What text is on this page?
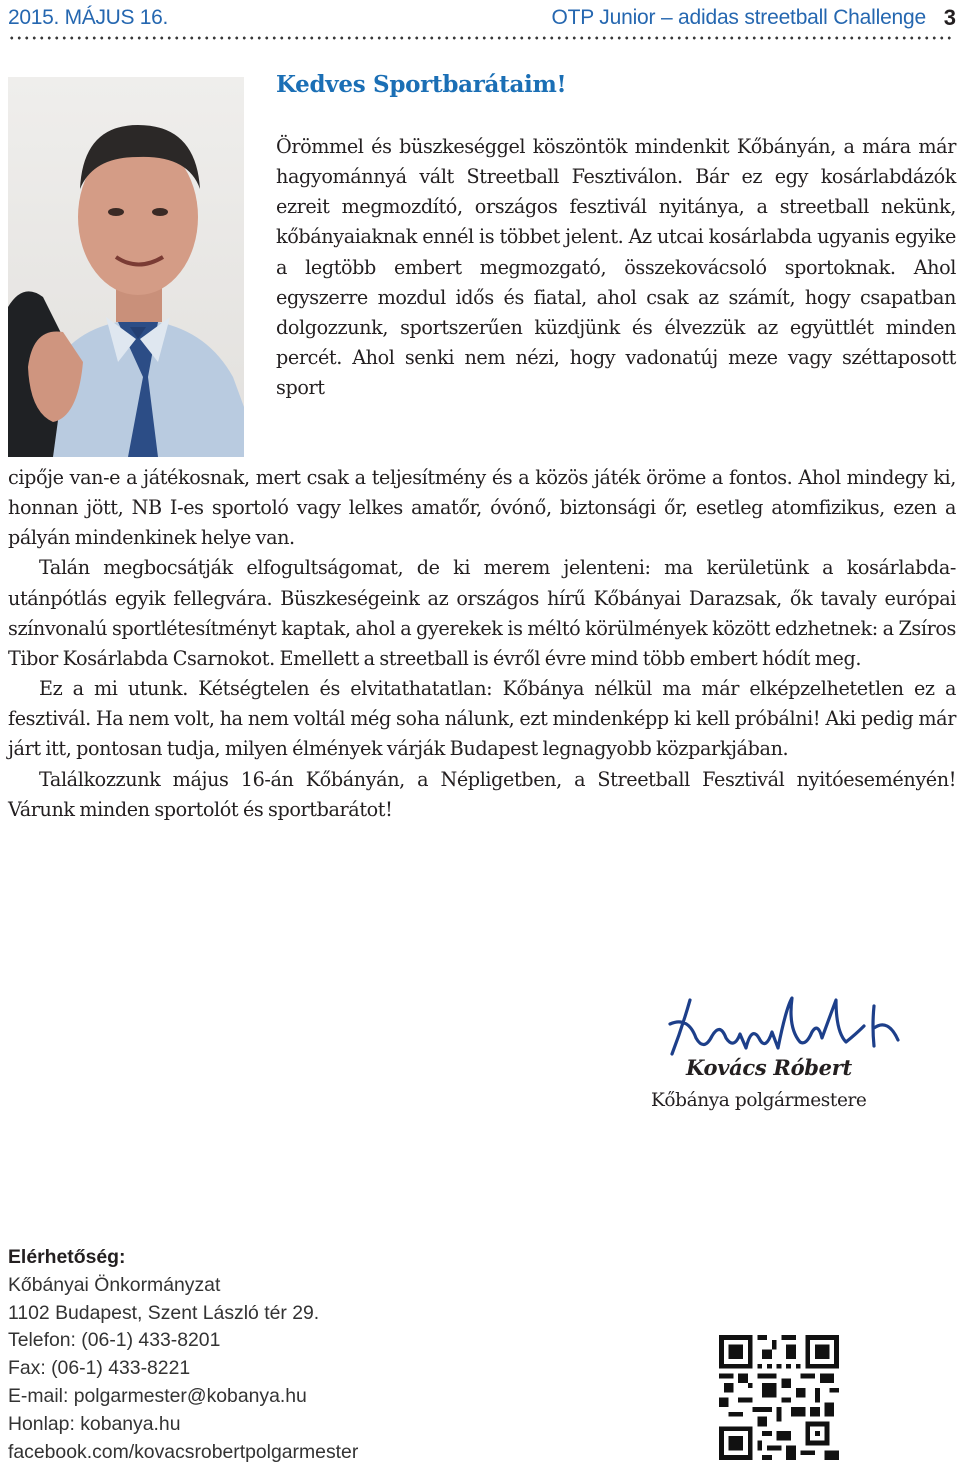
2015. MÁJUS 16.	OTP Junior – adidas streetball Challenge 3
Kedves Sportbarátaim!

Örömmel és büszkeséggel köszöntök mindenkit Kőbányán, a mára már hagyománnyá vált Streetball Fesztiválon. Bár ez egy kosárlabdázók ezreit megmozdító, országos fesztivál nyitánya, a streetball nekünk, kőbányaiaknak ennél is többet jelent. Az utcai kosárlabda ugyanis egyike a legtöbb embert megmozgató, összekovácsoló sportoknak. Ahol egyszerre mozdul idős és fiatal, ahol csak az számít, hogy csapatban dolgozzunk, sportszerűen küzdjünk és élvezzük az együttlét minden percét. Ahol senki nem nézi, hogy vadonatúj meze vagy széttaposott sport

cipője van-e a játékosnak, mert csak a teljesítmény és a közös játék öröme a fontos. Ahol mindegy ki, honnan jött, NB I-es sportoló vagy lelkes amatőr, óvónő, biztonsági őr, esetleg atomfizikus, ezen a pályán mindenkinek helye van.

Talán megbocsátják elfogultságomat, de ki merem jelenteni: ma kerületünk a kosárlabda-utánpótlás egyik fellegvára. Büszkeségeink az országos hírű Kőbányai Darazsak, ők tavaly európai színvonalú sportlétesítményt kaptak, ahol a gyerekek is méltó körülmények között edzhetnek: a Zsíros Tibor Kosárlabda Csarnokot. Emellett a streetball is évről évre mind több embert hódít meg.

Ez a mi utunk. Kétségtelen és elvitathatatlan: Kőbánya nélkül ma már elképzelhetetlen ez a fesztivál. Ha nem volt, ha nem voltál még soha nálunk, ezt mindenképp ki kell próbálni! Aki pedig már járt itt, pontosan tudja, milyen élmények várják Budapest legnagyobb közparkjában.

Találkozzunk május 16-án Kőbányán, a Népligetben, a Streetball Fesztivál nyitóeseményén! Várunk minden sportolót és sportbarátot!

Kovács Róbert
Kőbánya polgármestere
Elérhetőség:
Kőbányai Önkormányzat
1102 Budapest, Szent László tér 29.
Telefon: (06-1) 433-8201
Fax: (06-1) 433-8221
E-mail: polgarmester@kobanya.hu
Honlap: kobanya.hu
facebook.com/kovacsrobertpolgarmester
